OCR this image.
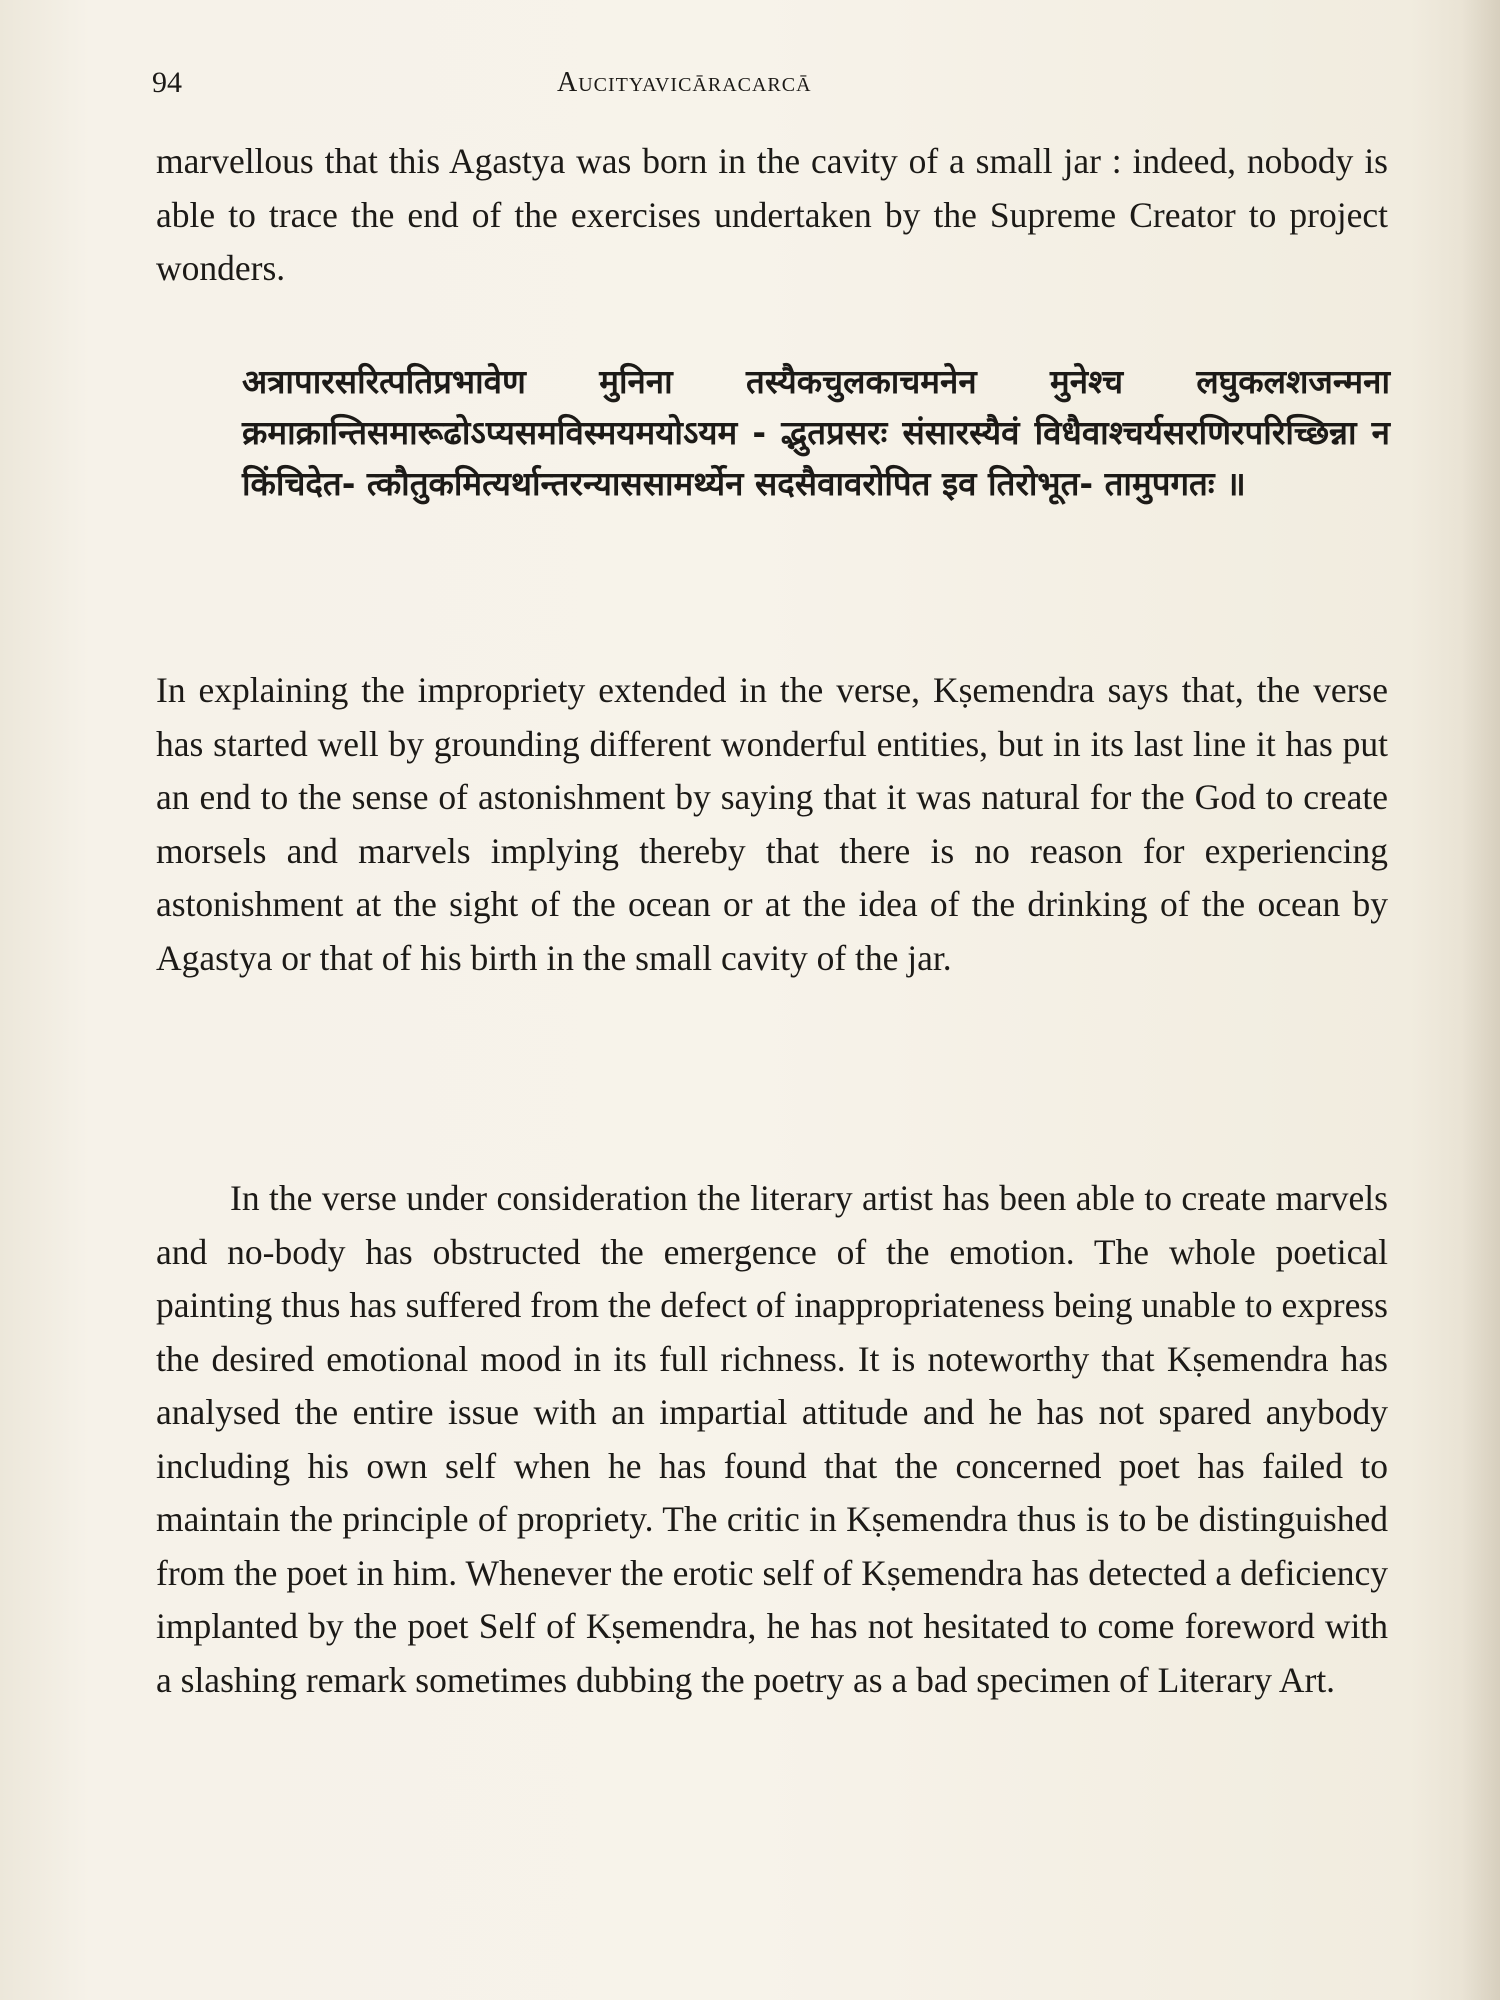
94	Aucityavicāracarcā

marvellous that this Agastya was born in the cavity of a small jar : indeed, nobody is able to trace the end of the exercises undertaken by the Supreme Creator to project wonders.

अत्रापारसरित्पतिप्रभावेण मुनिना तस्यैकचुलकाचमनेन मुनेश्च लघुकलशजन्मना क्रमाक्रान्तिसमारूढोऽप्यसमविस्मयमयोऽयम - द्भुतप्रसरः संसारस्यैवं विधैवाश्चर्यसरणिरपरिच्छिन्ना न किंचिदेत- त्कौतुकमित्यर्थान्तरन्याससामर्थ्येन सदसैवावरोपित इव तिरोभूत- तामुपगतः ॥

In explaining the impropriety extended in the verse, Kṣemendra says that, the verse has started well by grounding different wonderful entities, but in its last line it has put an end to the sense of astonishment by saying that it was natural for the God to create morsels and marvels implying thereby that there is no reason for experiencing astonishment at the sight of the ocean or at the idea of the drinking of the ocean by Agastya or that of his birth in the small cavity of the jar.

In the verse under consideration the literary artist has been able to create marvels and no-body has obstructed the emergence of the emotion. The whole poetical painting thus has suffered from the defect of inappropriateness being unable to express the desired emotional mood in its full richness. It is noteworthy that Kṣemendra has analysed the entire issue with an impartial attitude and he has not spared anybody including his own self when he has found that the concerned poet has failed to maintain the principle of propriety. The critic in Kṣemendra thus is to be distinguished from the poet in him. Whenever the erotic self of Kṣemendra has detected a deficiency implanted by the poet Self of Kṣemendra, he has not hesitated to come foreword with a slashing remark sometimes dubbing the poetry as a bad specimen of Literary Art.
